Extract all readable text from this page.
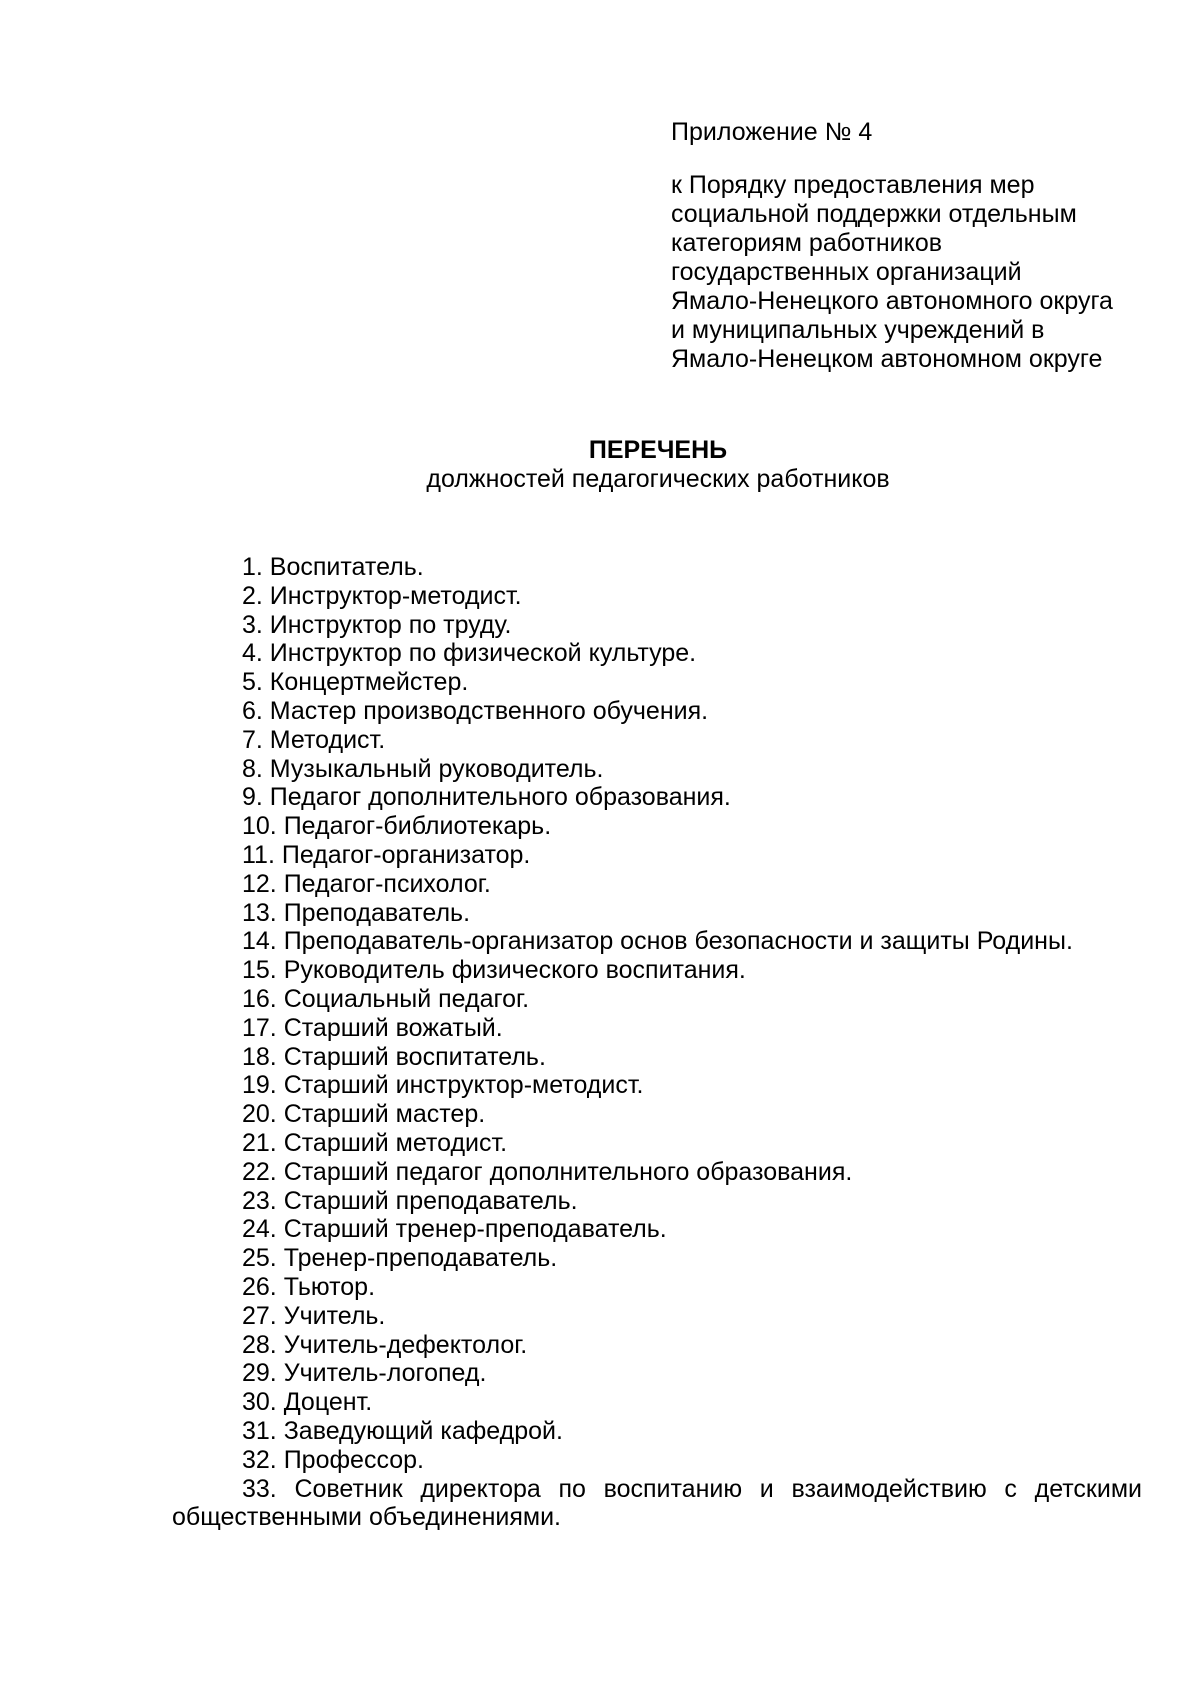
Приложение № 4

к Порядку предоставления мер
социальной поддержки отдельным
категориям работников
государственных организаций
Ямало-Ненецкого автономного округа
и муниципальных учреждений в
Ямало-Ненецком автономном округе

ПЕРЕЧЕНЬ

должностей педагогических работников

1. Воспитатель.
2. Инструктор-методист.
3. Инструктор по труду.
4. Инструктор по физической культуре.
5. Концертмейстер.
6. Мастер производственного обучения.
7. Методист.
8. Музыкальный руководитель.
9. Педагог дополнительного образования.
10. Педагог-библиотекарь.
11. Педагог-организатор.
12. Педагог-психолог.
13. Преподаватель.
14. Преподаватель-организатор основ безопасности и защиты Родины.
15. Руководитель физического воспитания.
16. Социальный педагог.
17. Старший вожатый.
18. Старший воспитатель.
19. Старший инструктор-методист.
20. Старший мастер.
21. Старший методист.
22. Старший педагог дополнительного образования.
23. Старший преподаватель.
24. Старший тренер-преподаватель.
25. Тренер-преподаватель.
26. Тьютор.
27. Учитель.
28. Учитель-дефектолог.
29. Учитель-логопед.
30. Доцент.
31. Заведующий кафедрой.
32. Профессор.
33. Советник директора по воспитанию и взаимодействию с детскими общественными объединениями.
